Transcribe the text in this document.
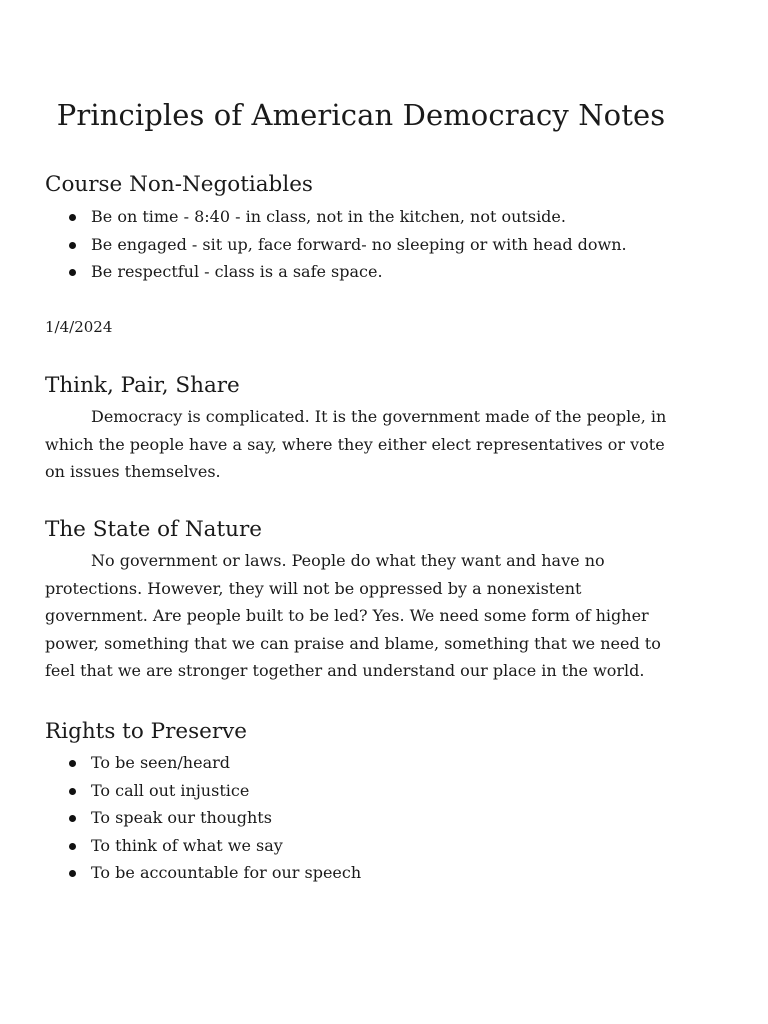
Principles of American Democracy Notes
Course Non-Negotiables
Be on time - 8:40 - in class, not in the kitchen, not outside.
Be engaged - sit up, face forward- no sleeping or with head down.
Be respectful - class is a safe space.

1/4/2024

Think, Pair, Share

Democracy is complicated. It is the government made of the people, in which the people have a say, where they either elect representatives or vote on issues themselves.

The State of Nature

No government or laws. People do what they want and have no protections. However, they will not be oppressed by a nonexistent government. Are people built to be led? Yes. We need some form of higher power, something that we can praise and blame, something that we need to feel that we are stronger together and understand our place in the world.

Rights to Preserve
To be seen/heard
To call out injustice
To speak our thoughts
To think of what we say
To be accountable for our speech
